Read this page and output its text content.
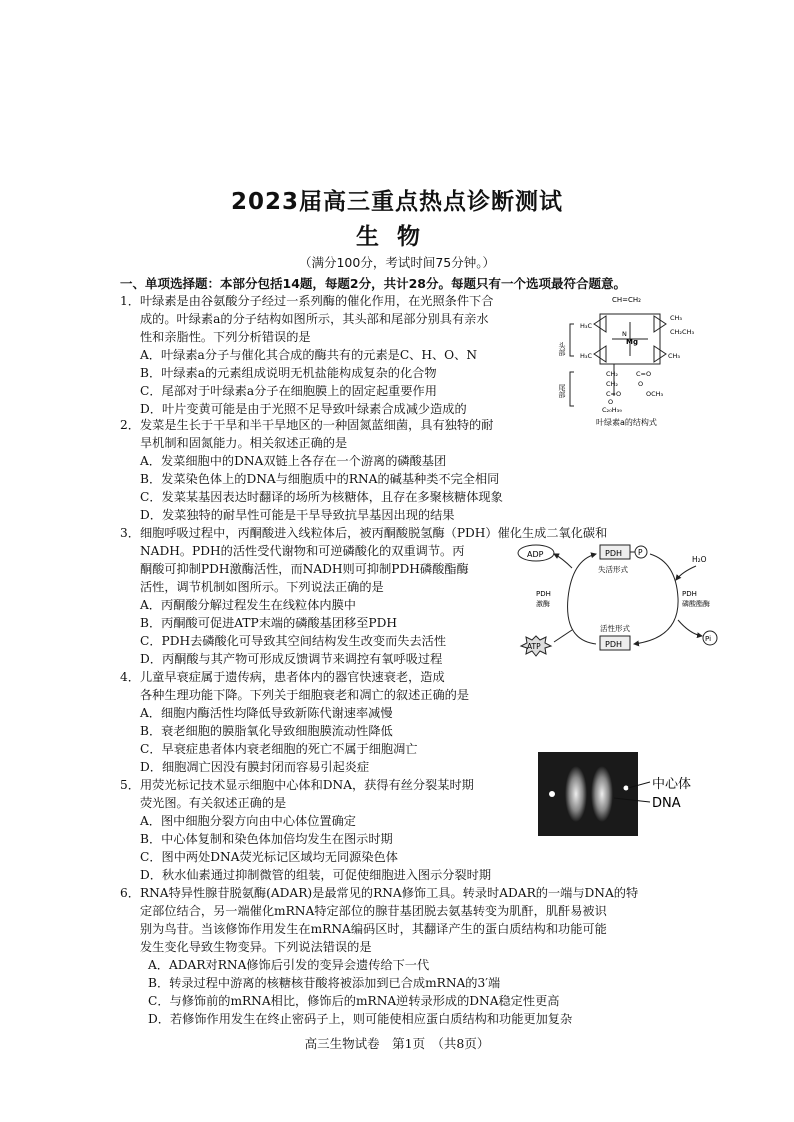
2023届高三重点热点诊断测试
生物
（满分100分，考试时间75分钟。）
一、单项选择题：本部分包括14题，每题2分，共计28分。每题只有一个选项最符合题意。
1．叶绿素是由谷氨酸分子经过一系列酶的催化作用，在光照条件下合
成的。叶绿素a的分子结构如图所示，其头部和尾部分别具有亲水
性和亲脂性。下列分析错误的是
A．叶绿素a分子与催化其合成的酶共有的元素是C、H、O、N
B．叶绿素a的元素组成说明无机盐能构成复杂的化合物
C．尾部对于叶绿素a分子在细胞膜上的固定起重要作用
D．叶片变黄可能是由于光照不足导致叶绿素合成减少造成的
CH=CH₂
H₃C
CH₃
CH₂CH₃
N
Mg
CH₃
H₃C
CH₂	C=O
O
OCH₃
CH₂
C=O
O
C₂₀H₃₉
头部
尾部
叶绿素a的结构式
2．发菜是生长于干旱和半干旱地区的一种固氮蓝细菌，具有独特的耐
旱机制和固氮能力。相关叙述正确的是
A．发菜细胞中的DNA双链上各存在一个游离的磷酸基团
B．发菜染色体上的DNA与细胞质中的RNA的碱基种类不完全相同
C．发菜某基因表达时翻译的场所为核糖体，且存在多聚核糖体现象
D．发菜独特的耐旱性可能是干旱导致抗旱基因出现的结果
3．细胞呼吸过程中，丙酮酸进入线粒体后，被丙酮酸脱氢酶（PDH）催化生成二氧化碳和
NADH。PDH的活性受代谢物和可逆磷酸化的双重调节。丙
酮酸可抑制PDH激酶活性，而NADH则可抑制PDH磷酸酯酶
活性，调节机制如图所示。下列说法正确的是
A．丙酮酸分解过程发生在线粒体内膜中
B．丙酮酸可促进ATP末端的磷酸基团移至PDH
C．PDH去磷酸化可导致其空间结构发生改变而失去活性
D．丙酮酸与其产物可形成反馈调节来调控有氧呼吸过程
ADP
ATP
PDH P
失活形式
活性形式
PDH
PDH
激酶
H₂O
PDH
磷酸酯酶
Pi
4．儿童早衰症属于遗传病，患者体内的器官快速衰老，造成
各种生理功能下降。下列关于细胞衰老和凋亡的叙述正确的是
A．细胞内酶活性均降低导致新陈代谢速率减慢
B．衰老细胞的膜脂氧化导致细胞膜流动性降低
C．早衰症患者体内衰老细胞的死亡不属于细胞凋亡
D．细胞凋亡因没有膜封闭而容易引起炎症
5．用荧光标记技术显示细胞中心体和DNA，获得有丝分裂某时期
荧光图。有关叙述正确的是
A．图中细胞分裂方向由中心体位置确定
B．中心体复制和染色体加倍均发生在图示时期
C．图中两处DNA荧光标记区域均无同源染色体
D．秋水仙素通过抑制微管的组装，可促使细胞进入图示分裂时期
中心体
DNA
6．RNA特异性腺苷脱氨酶(ADAR)是最常见的RNA修饰工具。转录时ADAR的一端与DNA的特
定部位结合，另一端催化mRNA特定部位的腺苷基团脱去氨基转变为肌酐，肌酐易被识
别为鸟苷。当该修饰作用发生在mRNA编码区时，其翻译产生的蛋白质结构和功能可能
发生变化导致生物变异。下列说法错误的是
A．ADAR对RNA修饰后引发的变异会遗传给下一代
B．转录过程中游离的核糖核苷酸将被添加到已合成mRNA的3′端
C．与修饰前的mRNA相比，修饰后的mRNA逆转录形成的DNA稳定性更高
D．若修饰作用发生在终止密码子上，则可能使相应蛋白质结构和功能更加复杂
高三生物试卷　第1页　（共8页）
